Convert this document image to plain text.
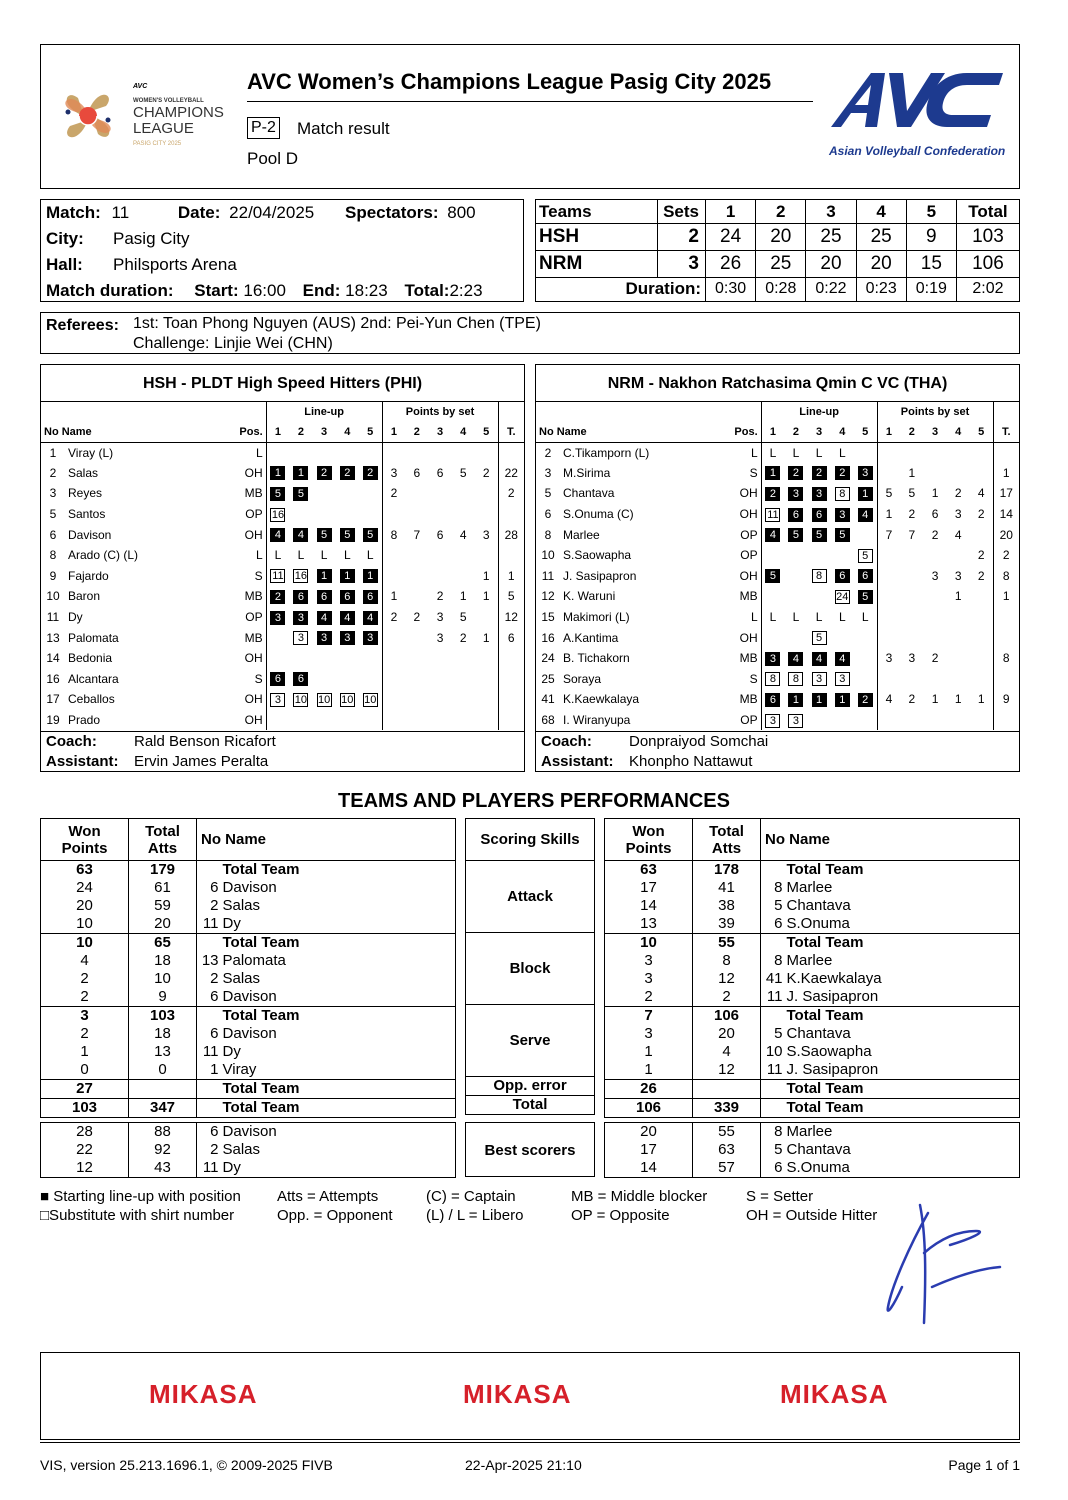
AVC
WOMEN'S VOLLEYBALL
CHAMPIONS
LEAGUE
PASIG CITY 2025
AVC Women’s Champions League Pasig City 2025
P-2 Match result
Pool D	Asian Volleyball Confederation
Match: 11	Date: 22/04/2025 Spectators: 800
City: Pasig City
Hall: Philsports Arena
Match duration: Start: 16:00 End: 18:23 Total:2:23
Teams	Sets	1	2	3	4	5	Total
HSH	2	24	20	25	25	9	103
NRM	3	26	25	20	20	15	106
Duration:		0:30	0:28	0:22	0:23	0:19	2:02
Referees: 1st: Toan Phong Nguyen (AUS) 2nd: Pei-Yun Chen (TPE)
Challenge: Linjie Wei (CHN)
HSH - PLDT High Speed Hitters (PHI)
			Line-up					Points by set					
No Name		Pos.	1	2	3	4	5	1	2	3	4	5	T.
1	Viray (L)	L											
2	Salas	OH	1	1	2	2	2	3	6	6	5	2	22
3	Reyes	MB	5	5				2					2
5	Santos	OP	16										
6	Davison	OH	4	4	5	5	5	8	7	6	4	3	28
8	Arado (C) (L)	L	L	L	L	L	L						
9	Fajardo	S	11	16	1	1	1					1	1
10	Baron	MB	2	6	6	6	6	1		2	1	1	5
11	Dy	OP	3	3	4	4	4	2	2	3	5		12
13	Palomata	MB		3	3	3	3			3	2	1	6
14	Bedonia	OH											
16	Alcantara	S	6	6									
17	Ceballos	OH	3	10	10	10	10						
19	Prado	OH											
Coach: Rald Benson Ricafort
Assistant: Ervin James Peralta
NRM - Nakhon Ratchasima Qmin C VC (THA)
			Line-up					Points by set					
No Name		Pos.	1	2	3	4	5	1	2	3	4	5	T.
2	C.Tikamporn (L)	L	L	L	L	L							
3	M.Sirima	S	1	2	2	2	3		1				1
5	Chantava	OH	2	3	3	8	1	5	5	1	2	4	17
6	S.Onuma (C)	OH	11	6	6	3	4	1	2	6	3	2	14
8	Marlee	OP	4	5	5	5		7	7	2	4		20
10	S.Saowapha	OP					5					2	2
11	J. Sasipapron	OH	5		8	6	6			3	3	2	8
12	K. Waruni	MB				24	5				1		1
15	Makimori (L)	L	L	L	L	L	L						
16	A.Kantima	OH			5								
24	B. Tichakorn	MB	3	4	4	4		3	3	2			8
25	Soraya	S	8	8	3	3							
41	K.Kaewkalaya	MB	6	1	1	1	2	4	2	1	1	1	9
68	I. Wiranyupa	OP	3	3									
Coach: Donpraiyod Somchai
Assistant: Khonpho Nattawut
TEAMS AND PLAYERS PERFORMANCES
Won Points	Total Atts	No Name	
63	179		Total Team
24	61	6	Davison
20	59	2	Salas
10	20	11	Dy
10	65		Total Team
4	18	13	Palomata
2	10	2	Salas
2	9	6	Davison
3	103		Total Team
2	18	6	Davison
1	13	11	Dy
0	0	1	Viray
27			Total Team
103	347		Total Team
Scoring Skills
Attack
Block
Serve
Opp. error
Total
Won Points	Total Atts	No Name	
63	178		Total Team
17	41	8	Marlee
14	38	5	Chantava
13	39	6	S.Onuma
10	55		Total Team
3	8	8	Marlee
3	12	41	K.Kaewkalaya
2	2	11	J. Sasipapron
7	106		Total Team
3	20	5	Chantava
1	4	10	S.Saowapha
1	12	11	J. Sasipapron
26			Total Team
106	339		Total Team
28	88	6	Davison
22	92	2	Salas
12	43	11	Dy
Best scorers
20	55	8	Marlee
17	63	5	Chantava
14	57	6	S.Onuma
■ Starting line-up with position
□Substitute with shirt number
Atts = Attempts
Opp. = Opponent
(C) = Captain
(L) / L = Libero
MB = Middle blocker
OP = Opposite
S = Setter
OH = Outside Hitter
MIKASA	MIKASA	MIKASA
VIS, version 25.213.1696.1, © 2009-2025 FIVB	22-Apr-2025 21:10	Page 1 of 1
